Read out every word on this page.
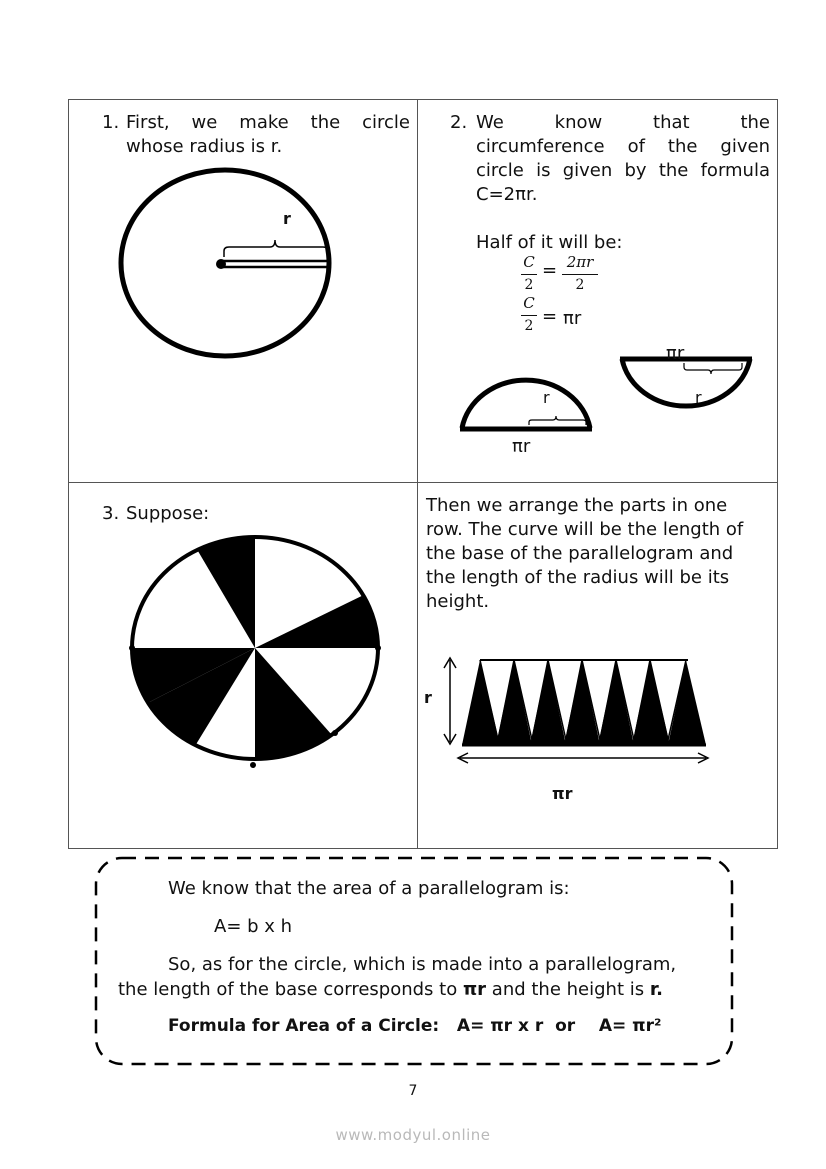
1. First, we make the circle
whose radius is r.
r
2. We know that the
circumference of the given
circle is given by the formula
C=2πr.
Half of it will be:
C
2
= 2πr
2
C
2 = πr
r
πr
πr
r
3. Suppose:	Then we arrange the parts in one
row. The curve will be the length of
the base of the parallelogram and
the length of the radius will be its
height.
r
πr
We know that the area of a parallelogram is:
A= b x h
So, as for the circle, which is made into a parallelogram,
the length of the base corresponds to πr and the height is r.
Formula for Area of a Circle:   A= πr x r  or    A= πr²
7
www.modyul.online
